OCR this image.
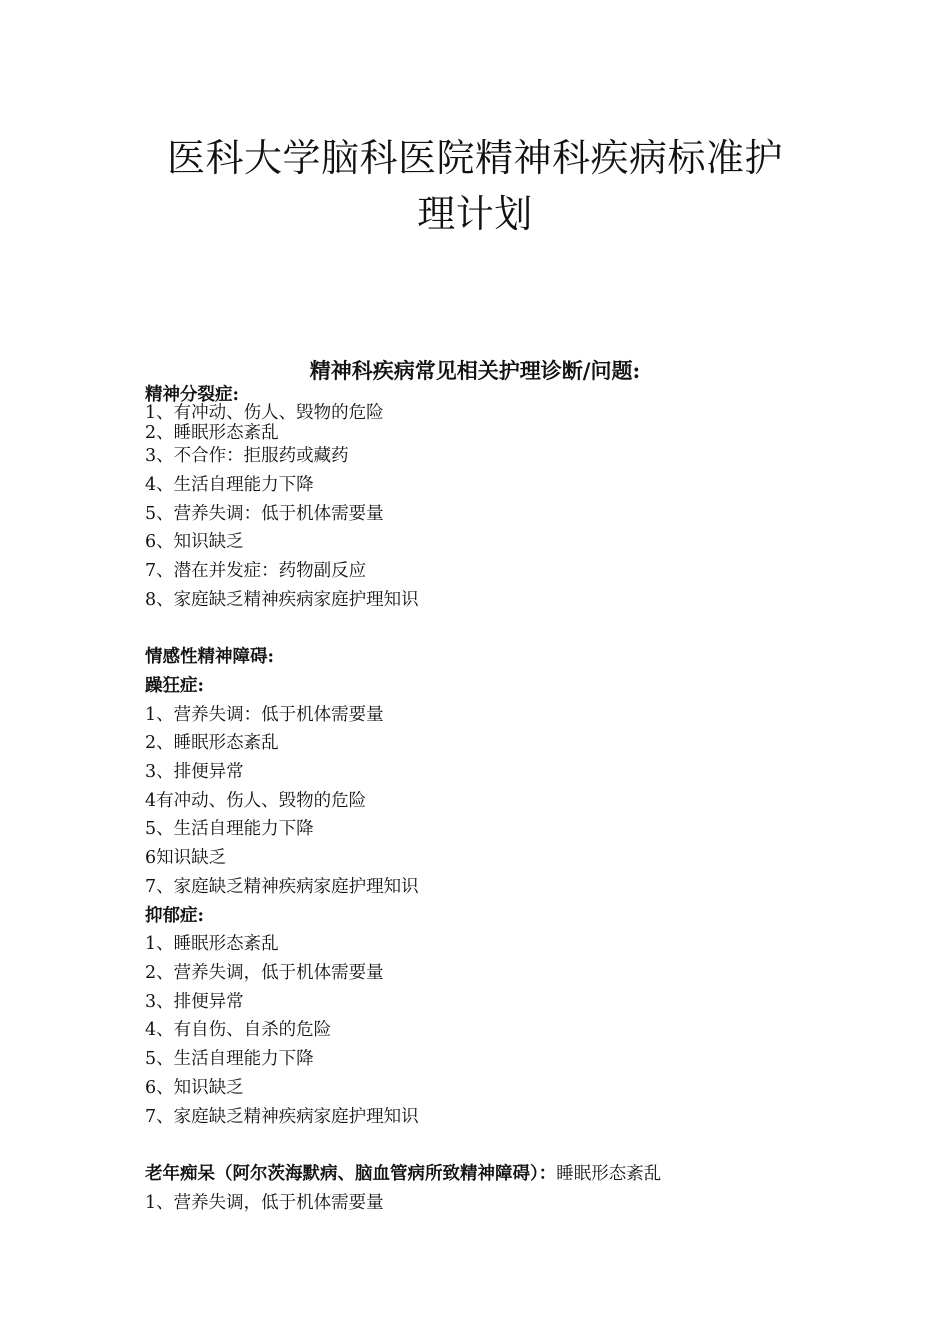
医科大学脑科医院精神科疾病标准护理计划
精神科疾病常见相关护理诊断/问题:
精神分裂症:
1、有冲动、伤人、毁物的危险
2、睡眠形态紊乱
3、不合作：拒服药或藏药
4、生活自理能力下降
5、营养失调：低于机体需要量
6、知识缺乏
7、潜在并发症：药物副反应
8、家庭缺乏精神疾病家庭护理知识
情感性精神障碍:
躁狂症:
1、营养失调：低于机体需要量
2、睡眠形态紊乱
3、排便异常
4有冲动、伤人、毁物的危险
5、生活自理能力下降
6知识缺乏
7、家庭缺乏精神疾病家庭护理知识
抑郁症:
1、睡眠形态紊乱
2、营养失调，低于机体需要量
3、排便异常
4、有自伤、自杀的危险
5、生活自理能力下降
6、知识缺乏
7、家庭缺乏精神疾病家庭护理知识
老年痴呆（阿尔茨海默病、脑血管病所致精神障碍）：睡眠形态紊乱
1、营养失调，低于机体需要量
